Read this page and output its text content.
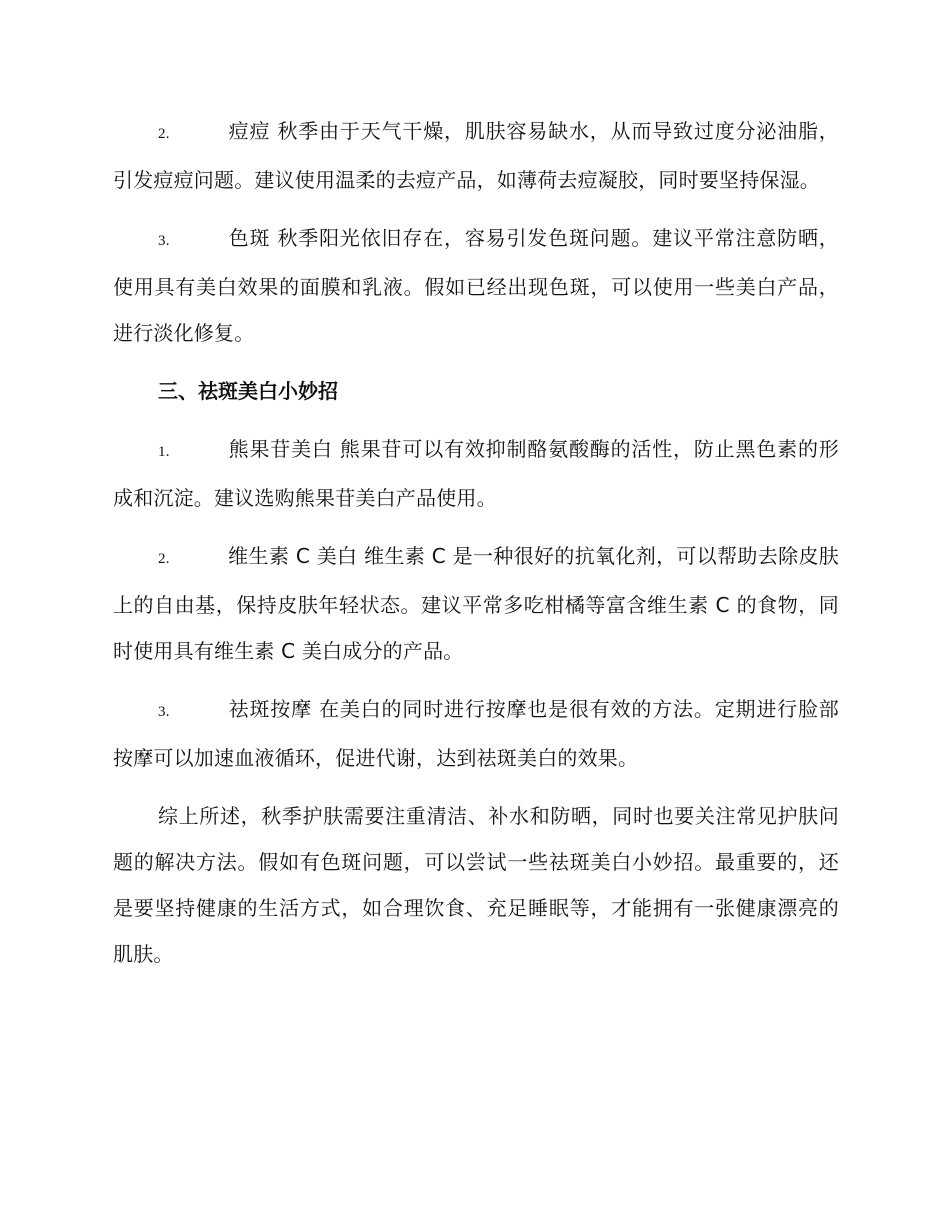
2.	痘痘 秋季由于天气干燥，肌肤容易缺水，从而导致过度分泌油脂，引发痘痘问题。建议使用温柔的去痘产品，如薄荷去痘凝胶，同时要坚持保湿。

3.	色斑 秋季阳光依旧存在，容易引发色斑问题。建议平常注意防晒，使用具有美白效果的面膜和乳液。假如已经出现色斑，可以使用一些美白产品，进行淡化修复。

三、祛斑美白小妙招

1.	熊果苷美白 熊果苷可以有效抑制酪氨酸酶的活性，防止黑色素的形成和沉淀。建议选购熊果苷美白产品使用。

2.	维生素 C 美白 维生素 C 是一种很好的抗氧化剂，可以帮助去除皮肤上的自由基，保持皮肤年轻状态。建议平常多吃柑橘等富含维生素 C 的食物，同时使用具有维生素 C 美白成分的产品。

3.	祛斑按摩 在美白的同时进行按摩也是很有效的方法。定期进行脸部按摩可以加速血液循环，促进代谢，达到祛斑美白的效果。

综上所述，秋季护肤需要注重清洁、补水和防晒，同时也要关注常见护肤问题的解决方法。假如有色斑问题，可以尝试一些祛斑美白小妙招。最重要的，还是要坚持健康的生活方式，如合理饮食、充足睡眠等，才能拥有一张健康漂亮的肌肤。
